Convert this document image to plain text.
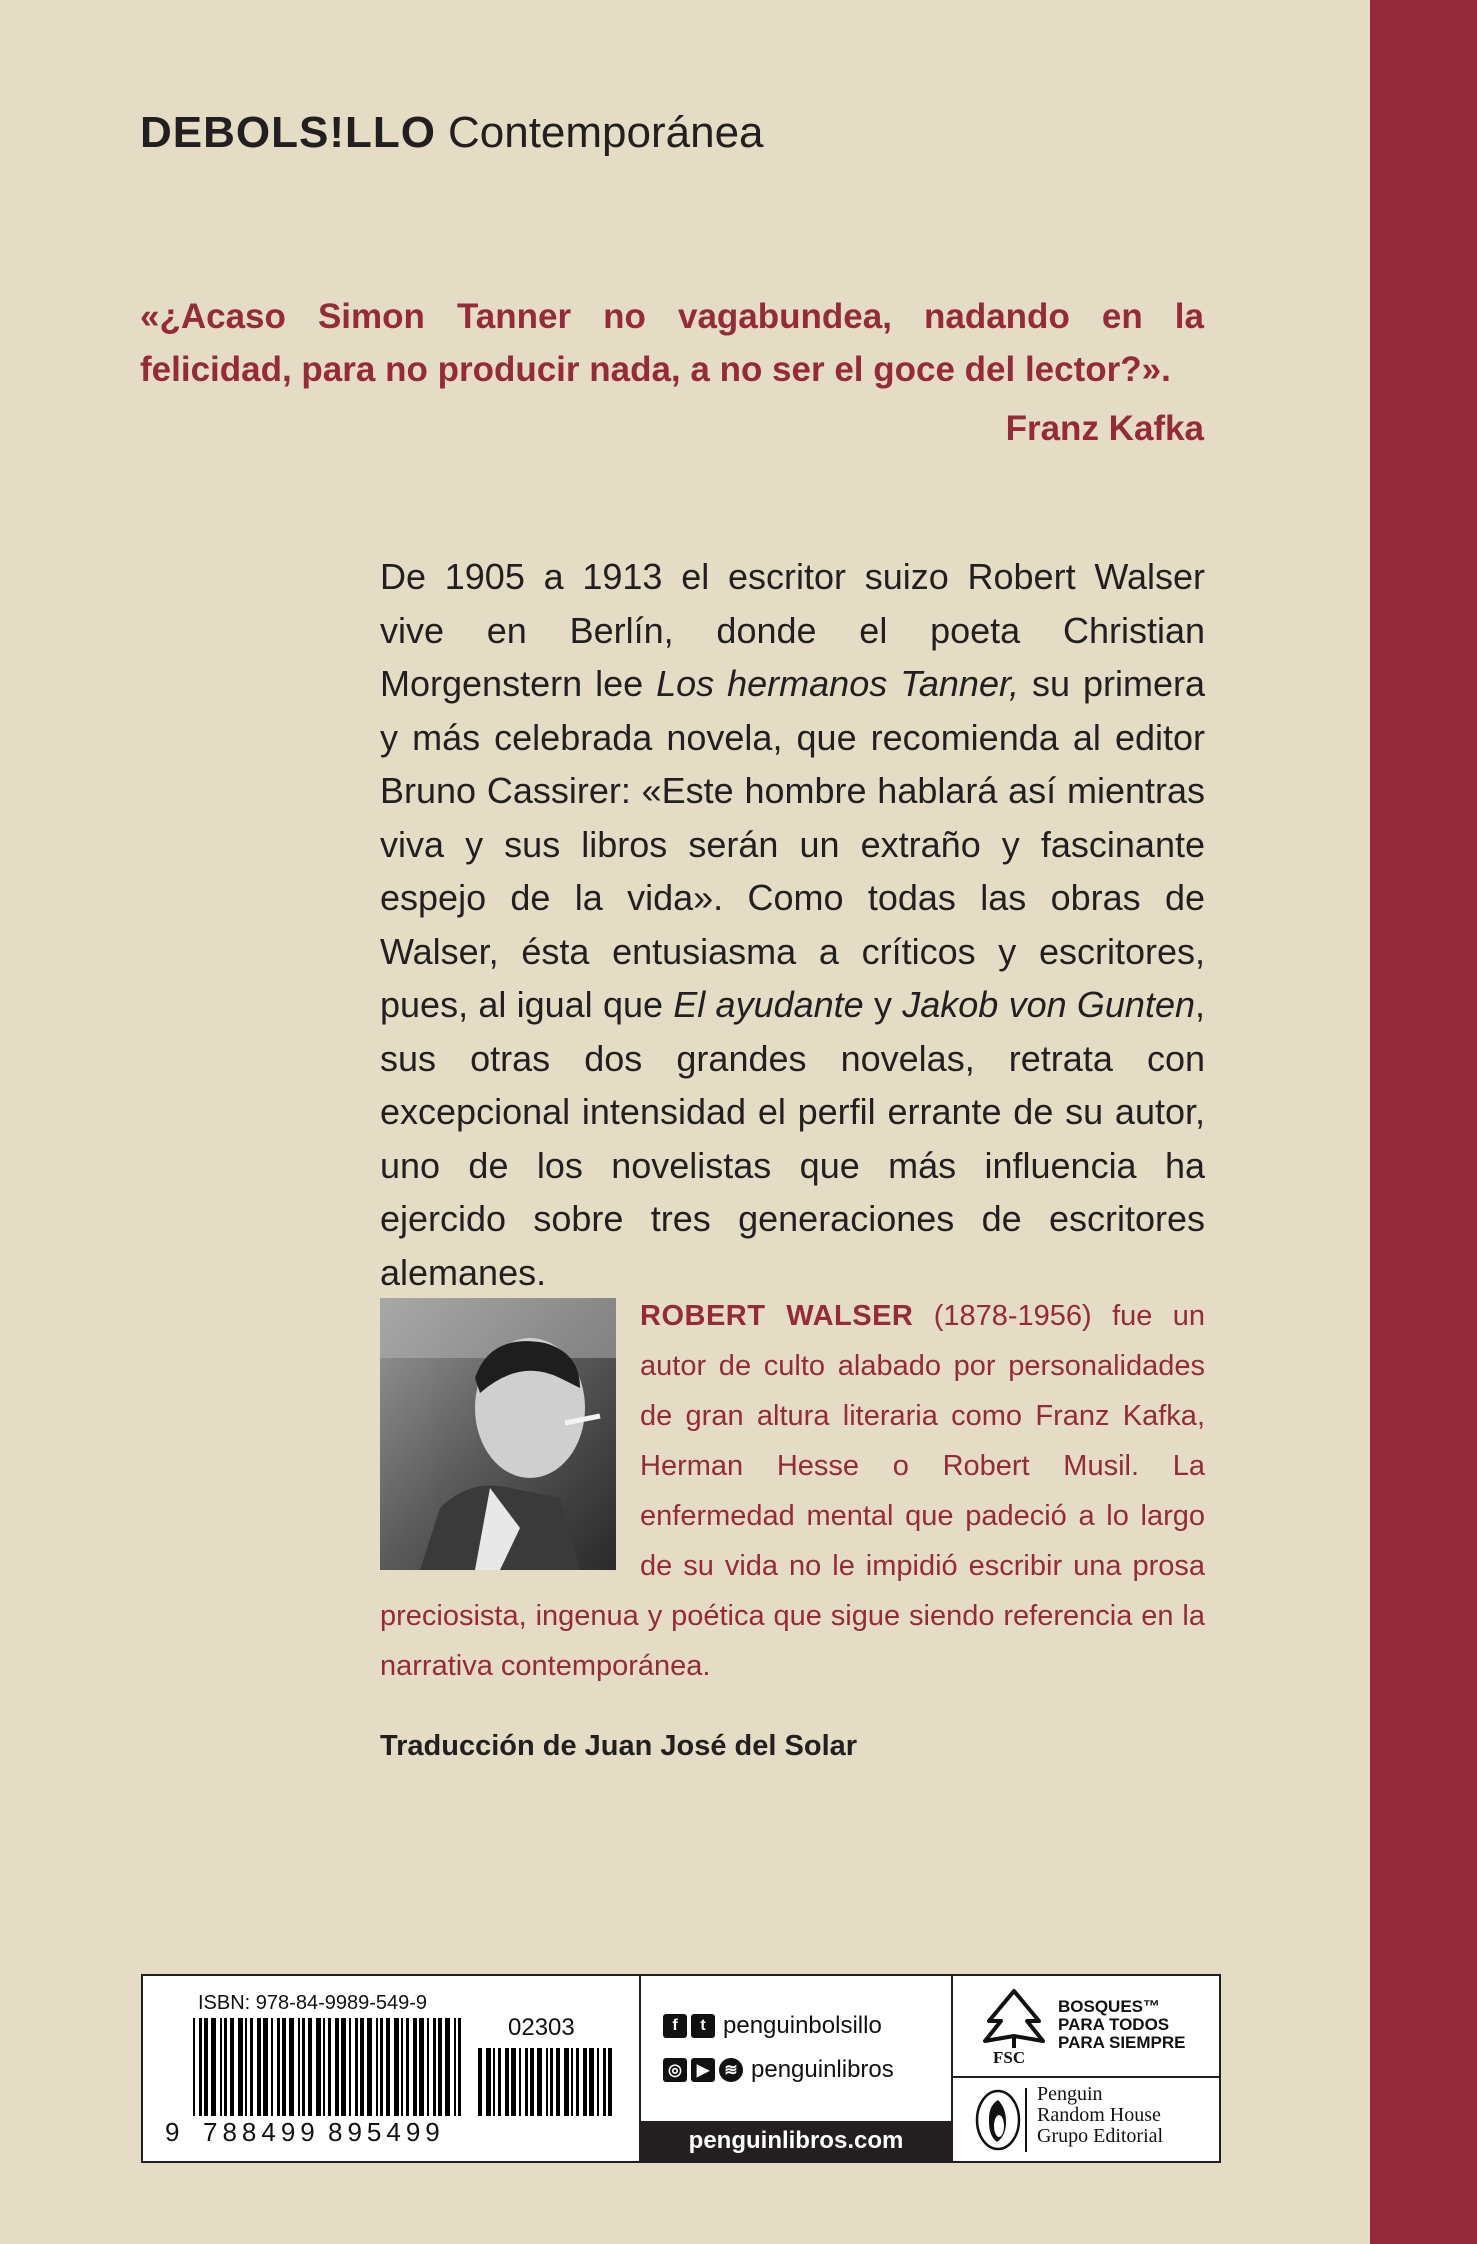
DEBOLS!LLO Contemporánea
«¿Acaso Simon Tanner no vagabundea, nadando en la felicidad, para no producir nada, a no ser el goce del lector?».
Franz Kafka
De 1905 a 1913 el escritor suizo Robert Walser vive en Berlín, donde el poeta Christian Morgenstern lee Los hermanos Tanner, su primera y más celebrada novela, que recomienda al editor Bruno Cassirer: «Este hombre hablará así mientras viva y sus libros serán un extraño y fascinante espejo de la vida». Como todas las obras de Walser, ésta entusiasma a críticos y escritores, pues, al igual que El ayudante y Jakob von Gunten, sus otras dos grandes novelas, retrata con excepcional intensidad el perfil errante de su autor, uno de los novelistas que más influencia ha ejercido sobre tres generaciones de escritores alemanes.
ROBERT WALSER (1878-1956) fue un autor de culto alabado por personalidades de gran altura literaria como Franz Kafka, Herman Hesse o Robert Musil. La enfermedad mental que padeció a lo largo de su vida no le impidió escribir una prosa preciosista, ingenua y poética que sigue siendo referencia en la narrativa contemporánea.
Traducción de Juan José del Solar
ISBN: 978-84-9989-549-9
02303
9 788499 895499
f	t penguinbolsillo
◎ ▶ ≋ penguinlibros
penguinlibros.com
BOSQUES™
PARA TODOS
PARA SIEMPRE
FSC
Penguin
Random House
Grupo Editorial
